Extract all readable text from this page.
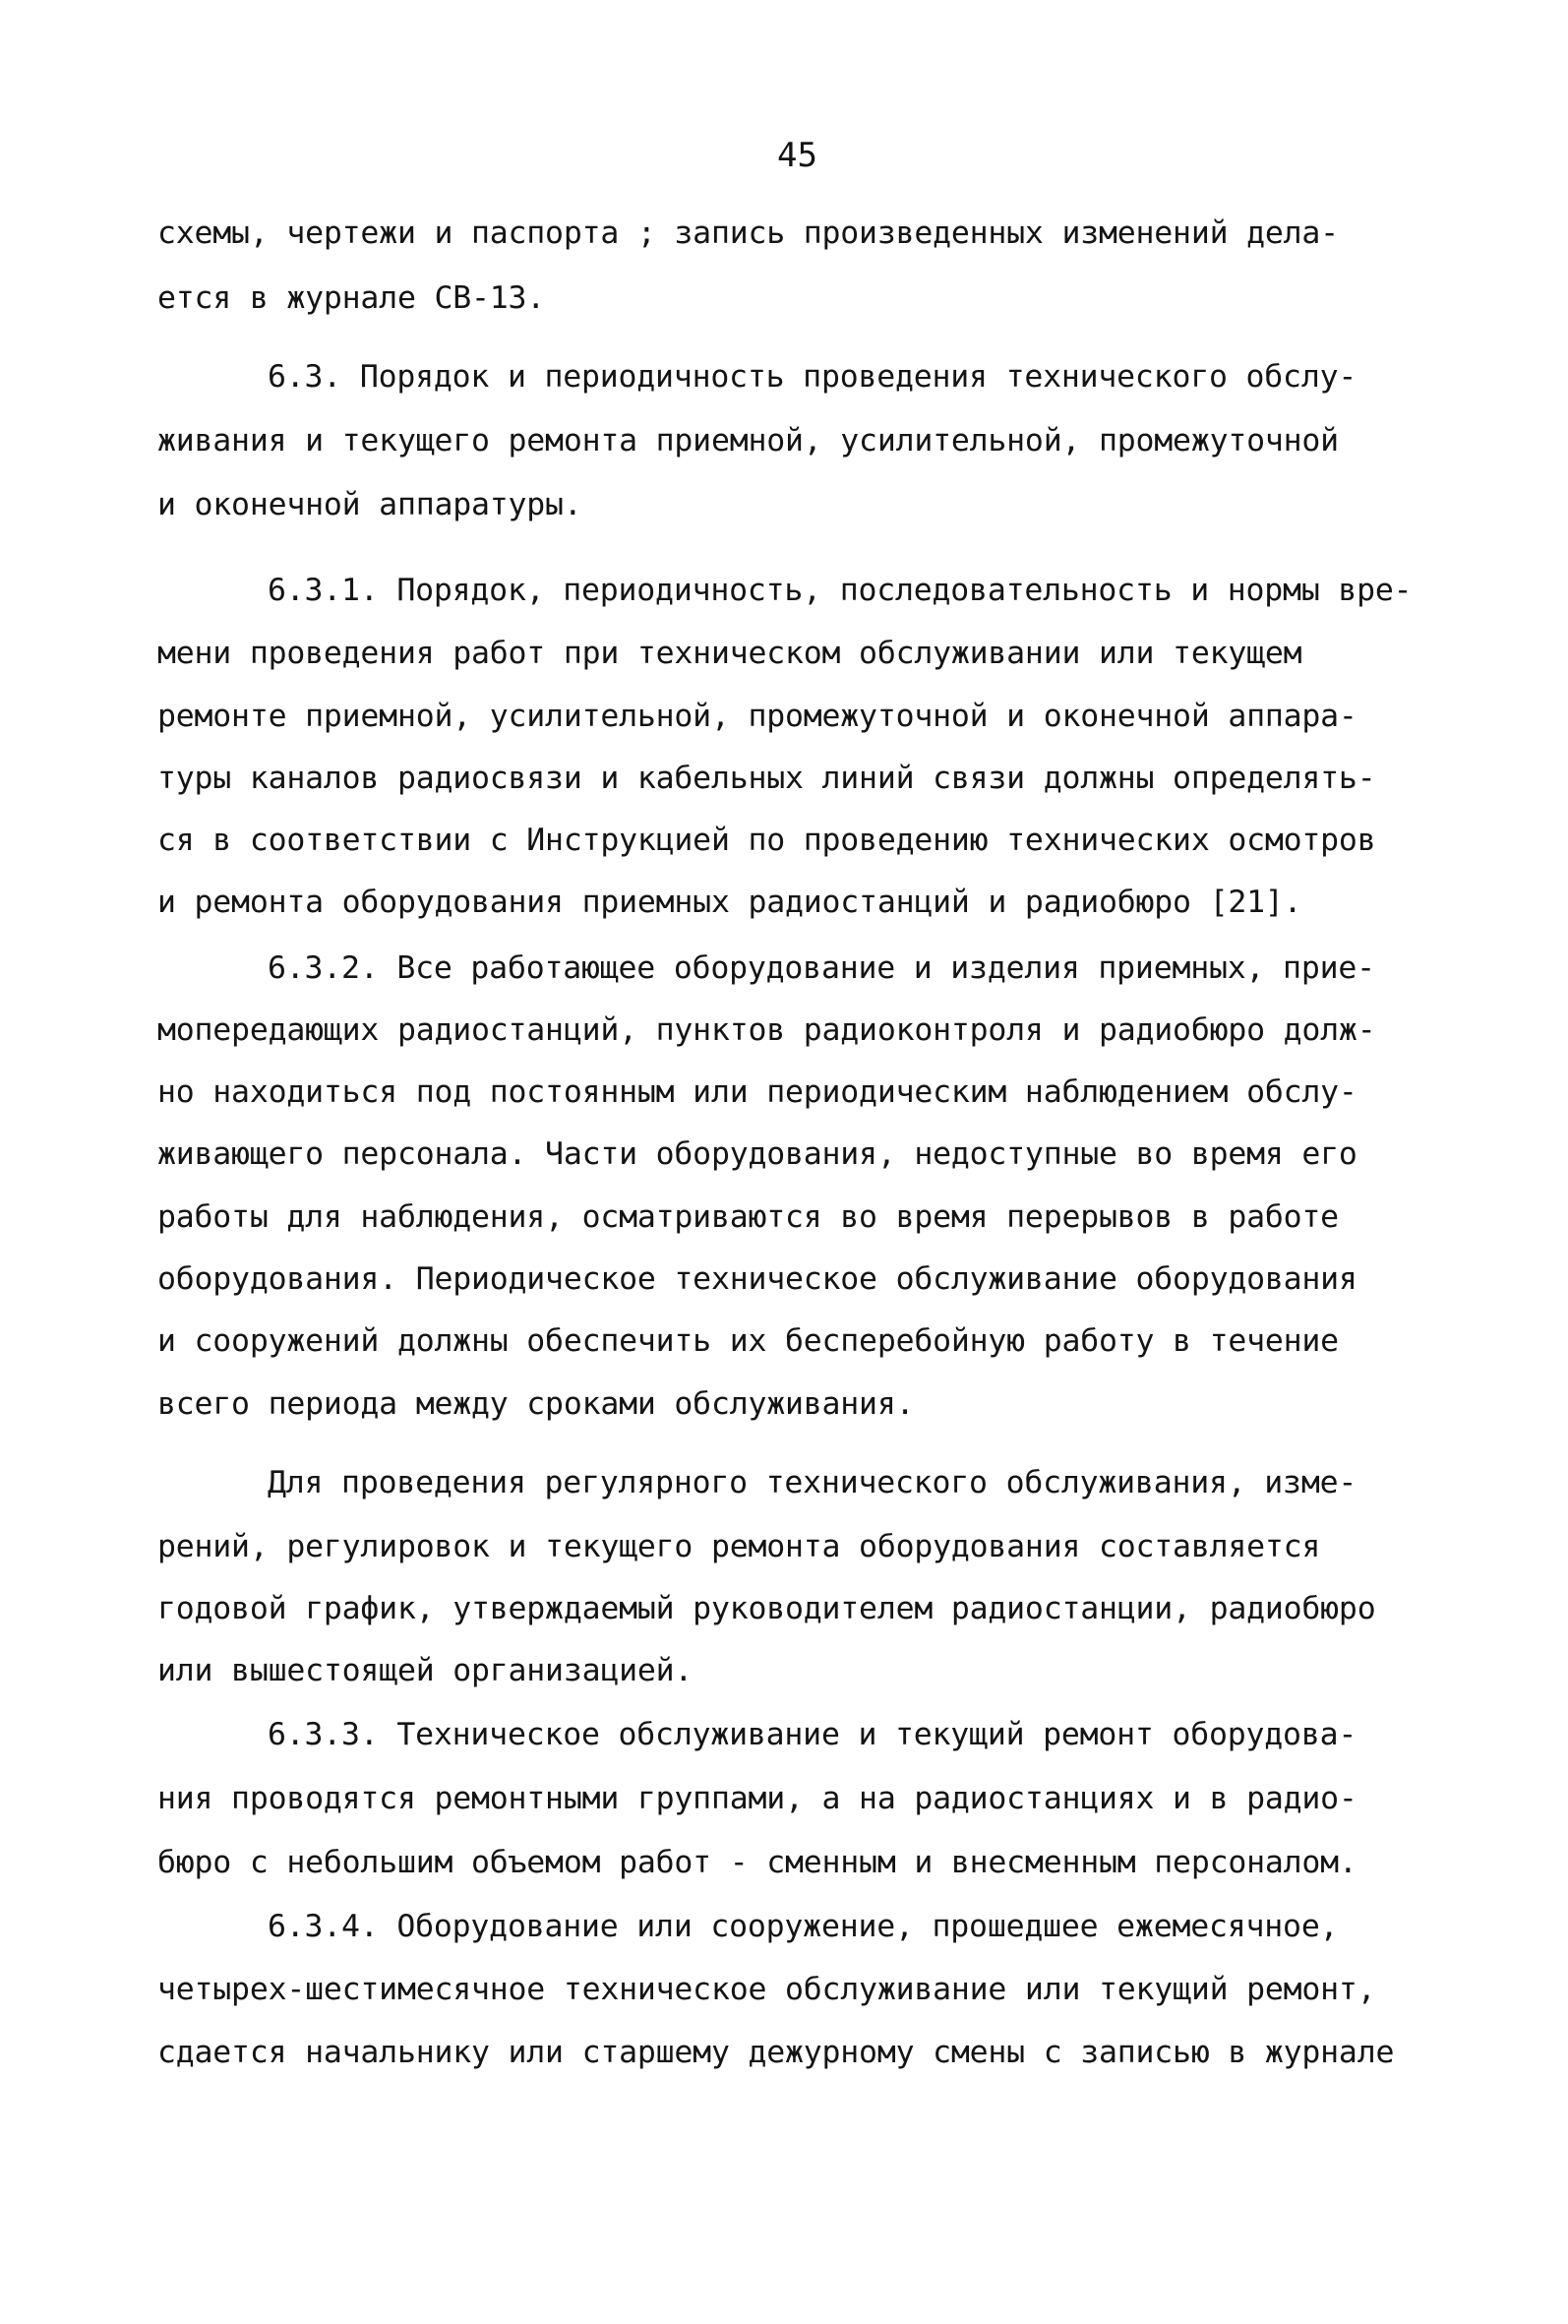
45
схемы, чертежи и паспорта ; запись произведенных изменений дела-
ется в журнале СВ-13.
6.3. Порядок и периодичность проведения технического обслу-
живания и текущего ремонта приемной, усилительной, промежуточной
и оконечной аппаратуры.
6.3.1. Порядок, периодичность, последовательность и нормы вре-
мени проведения работ при техническом обслуживании или текущем
ремонте приемной, усилительной, промежуточной и оконечной аппара-
туры каналов радиосвязи и кабельных линий связи должны определять-
ся в соответствии с Инструкцией по проведению технических осмотров
и ремонта оборудования приемных радиостанций и радиобюро [21].
6.3.2. Все работающее оборудование и изделия приемных, прие-
мопередающих радиостанций, пунктов радиоконтроля и радиобюро долж-
но находиться под постоянным или периодическим наблюдением обслу-
живающего персонала. Части оборудования, недоступные во время его
работы для наблюдения, осматриваются во время перерывов в работе
оборудования. Периодическое техническое обслуживание оборудования
и сооружений должны обеспечить их бесперебойную работу в течение
всего периода между сроками обслуживания.
Для проведения регулярного технического обслуживания, изме-
рений, регулировок и текущего ремонта оборудования составляется
годовой график, утверждаемый руководителем радиостанции, радиобюро
или вышестоящей организацией.
6.3.3. Техническое обслуживание и текущий ремонт оборудова-
ния проводятся ремонтными группами, а на радиостанциях и в радио-
бюро с небольшим объемом работ - сменным и внесменным персоналом.
6.3.4. Оборудование или сооружение, прошедшее ежемесячное,
четырех-шестимесячное техническое обслуживание или текущий ремонт,
сдается начальнику или старшему дежурному смены с записью в журнале
